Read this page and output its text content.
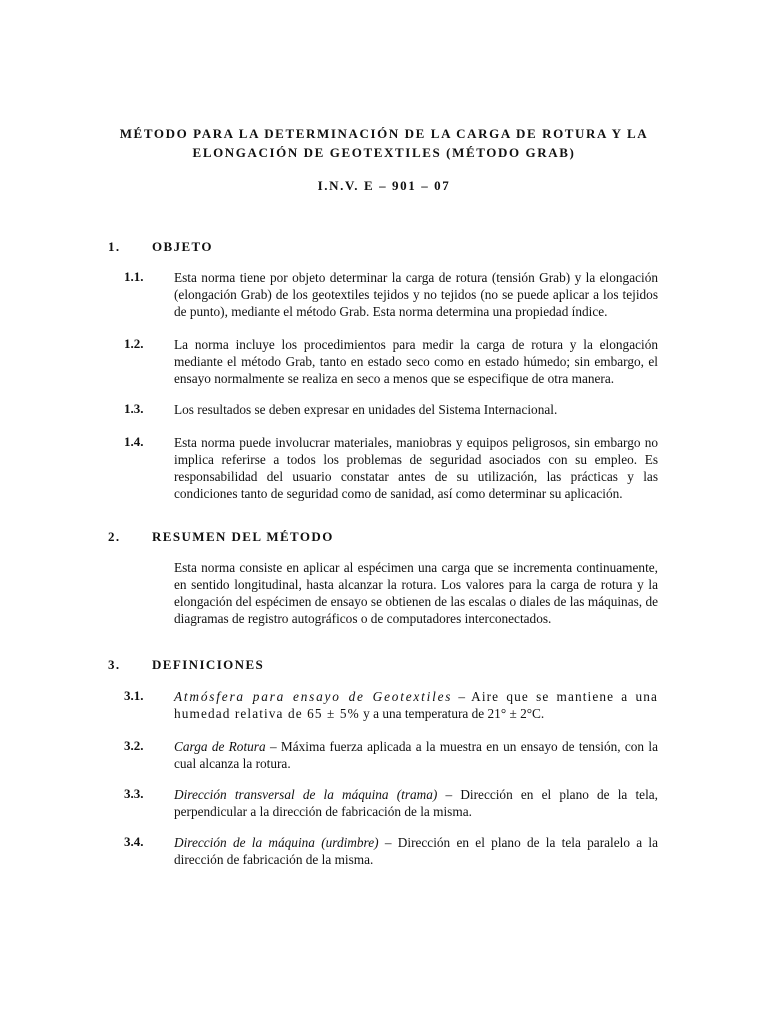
MÉTODO PARA LA DETERMINACIÓN DE LA CARGA DE ROTURA Y LA
ELONGACIÓN DE GEOTEXTILES (MÉTODO GRAB)
I.N.V. E – 901 – 07
1. OBJETO
1.1. Esta norma tiene por objeto determinar la carga de rotura (tensión Grab) y la elongación (elongación Grab) de los geotextiles tejidos y no tejidos (no se puede aplicar a los tejidos de punto), mediante el método Grab. Esta norma determina una propiedad índice.
1.2. La norma incluye los procedimientos para medir la carga de rotura y la elongación mediante el método Grab, tanto en estado seco como en estado húmedo; sin embargo, el ensayo normalmente se realiza en seco a menos que se especifique de otra manera.
1.3. Los resultados se deben expresar en unidades del Sistema Internacional.
1.4. Esta norma puede involucrar materiales, maniobras y equipos peligrosos, sin embargo no implica referirse a todos los problemas de seguridad asociados con su empleo. Es responsabilidad del usuario constatar antes de su utilización, las prácticas y las condiciones tanto de seguridad como de sanidad, así como determinar su aplicación.
2. RESUMEN DEL MÉTODO
Esta norma consiste en aplicar al espécimen una carga que se incrementa continuamente, en sentido longitudinal, hasta alcanzar la rotura. Los valores para la carga de rotura y la elongación del espécimen de ensayo se obtienen de las escalas o diales de las máquinas, de diagramas de registro autográficos o de computadores interconectados.
3. DEFINICIONES
3.1. Atmósfera para ensayo de Geotextiles – Aire que se mantiene a una humedad relativa de 65 ± 5% y a una temperatura de 21° ± 2°C.
3.2. Carga de Rotura – Máxima fuerza aplicada a la muestra en un ensayo de tensión, con la cual alcanza la rotura.
3.3. Dirección transversal de la máquina (trama) – Dirección en el plano de la tela, perpendicular a la dirección de fabricación de la misma.
3.4. Dirección de la máquina (urdimbre) – Dirección en el plano de la tela paralelo a la dirección de fabricación de la misma.
